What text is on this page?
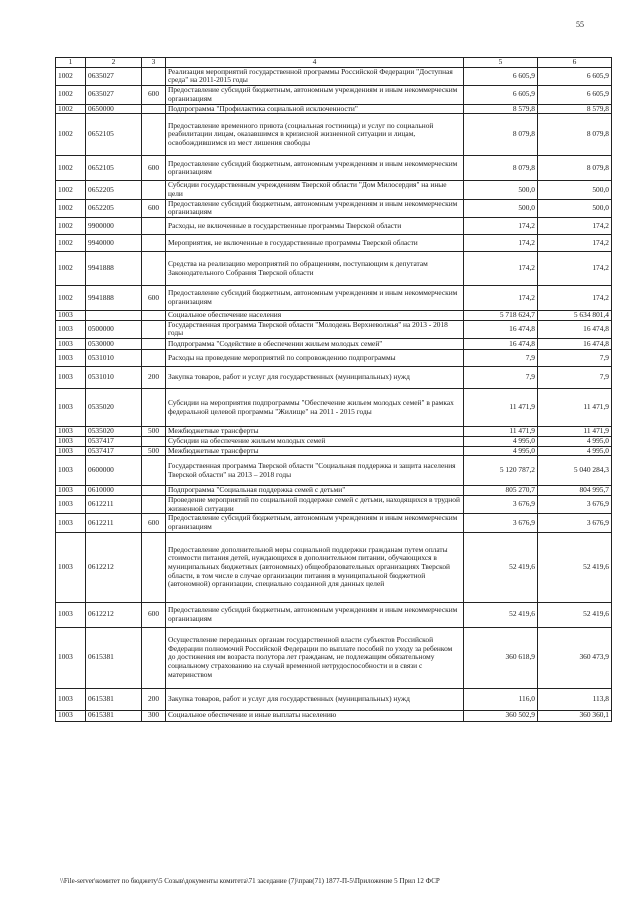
55
1	2	3	4	5	6
1002	0635027		Реализация мероприятий государственной программы Российской Федерации "Доступная среда" на 2011-2015 годы	6 605,9	6 605,9
1002	0635027	600	Предоставление субсидий бюджетным, автономным учреждениям и иным некоммерческим организациям	6 605,9	6 605,9
1002	0650000		Подпрограмма "Профилактика социальной исключенности"	8 579,8	8 579,8
1002	0652105		Предоставление временного приюта (социальная гостиница) и услуг по социальной реабилитации лицам, оказавшимся в кризисной жизненной ситуации и лицам, освобождившимся из мест лишения свободы	8 079,8	8 079,8
1002	0652105	600	Предоставление субсидий бюджетным, автономным учреждениям и иным некоммерческим организациям	8 079,8	8 079,8
1002	0652205		Субсидии государственным учреждениям Тверской области "Дом Милосердия" на иные цели	500,0	500,0
1002	0652205	600	Предоставление субсидий бюджетным, автономным учреждениям и иным некоммерческим организациям	500,0	500,0
1002	9900000		Расходы, не включенные в государственные программы Тверской области	174,2	174,2
1002	9940000		Мероприятия, не включенные в государственные программы Тверской области	174,2	174,2
1002	9941888		Средства на реализацию мероприятий по обращениям, поступающим к депутатам Законодательного Собрания Тверской области	174,2	174,2
1002	9941888	600	Предоставление субсидий бюджетным, автономным учреждениям и иным некоммерческим организациям	174,2	174,2
1003			Социальное обеспечение населения	5 718 624,7	5 634 801,4
1003	0500000		Государственная программа Тверской области "Молодежь Верхневолжья" на 2013 - 2018 годы	16 474,8	16 474,8
1003	0530000		Подпрограмма "Содействие в обеспечении жильем молодых семей"	16 474,8	16 474,8
1003	0531010		Расходы на проведение мероприятий по сопровождению подпрограммы	7,9	7,9
1003	0531010	200	Закупка товаров, работ и услуг для государственных (муниципальных) нужд	7,9	7,9
1003	0535020		Субсидии на мероприятия подпрограммы "Обеспечение жильем молодых семей" в рамках федеральной целевой программы "Жилище" на 2011 - 2015 годы	11 471,9	11 471,9
1003	0535020	500	Межбюджетные трансферты	11 471,9	11 471,9
1003	0537417		Субсидии на обеспечение жильем молодых семей	4 995,0	4 995,0
1003	0537417	500	Межбюджетные трансферты	4 995,0	4 995,0
1003	0600000		Государственная программа Тверской области "Социальная поддержка и защита населения Тверской области" на 2013 – 2018 годы	5 120 787,2	5 040 284,3
1003	0610000		Подпрограмма "Социальная поддержка семей с детьми"	805 270,7	804 995,7
1003	0612211		Проведение мероприятий по социальной поддержке семей с детьми, находящихся в трудной жизненной ситуации	3 676,9	3 676,9
1003	0612211	600	Предоставление субсидий бюджетным, автономным учреждениям и иным некоммерческим организациям	3 676,9	3 676,9
1003	0612212		Предоставление дополнительной меры социальной поддержки гражданам путем оплаты стоимости питания детей, нуждающихся в дополнительном питании, обучающихся в муниципальных бюджетных (автономных) общеобразовательных организациях Тверской области, в том числе в случае организации питания в муниципальной бюджетной (автономной) организации, специально созданной для данных целей	52 419,6	52 419,6
1003	0612212	600	Предоставление субсидий бюджетным, автономным учреждениям и иным некоммерческим организациям	52 419,6	52 419,6
1003	0615381		Осуществление переданных органам государственной власти субъектов Российской Федерации полномочий Российской Федерации по выплате пособий по уходу за ребенком до достижения им возраста полутора лет гражданам, не подлежащим обязательному социальному страхованию на случай временной нетрудоспособности и в связи с материнством	360 618,9	360 473,9
1003	0615381	200	Закупка товаров, работ и услуг для государственных (муниципальных) нужд	116,0	113,8
1003	0615381	300	Социальное обеспечение и иные выплаты населению	360 502,9	360 360,1
\\File-server\комитет по бюджету\5 Созыв\документы комитета\71 заседание (7)\прав(71) 1877-П-5\Приложение 5 Прил 12 ФСР
